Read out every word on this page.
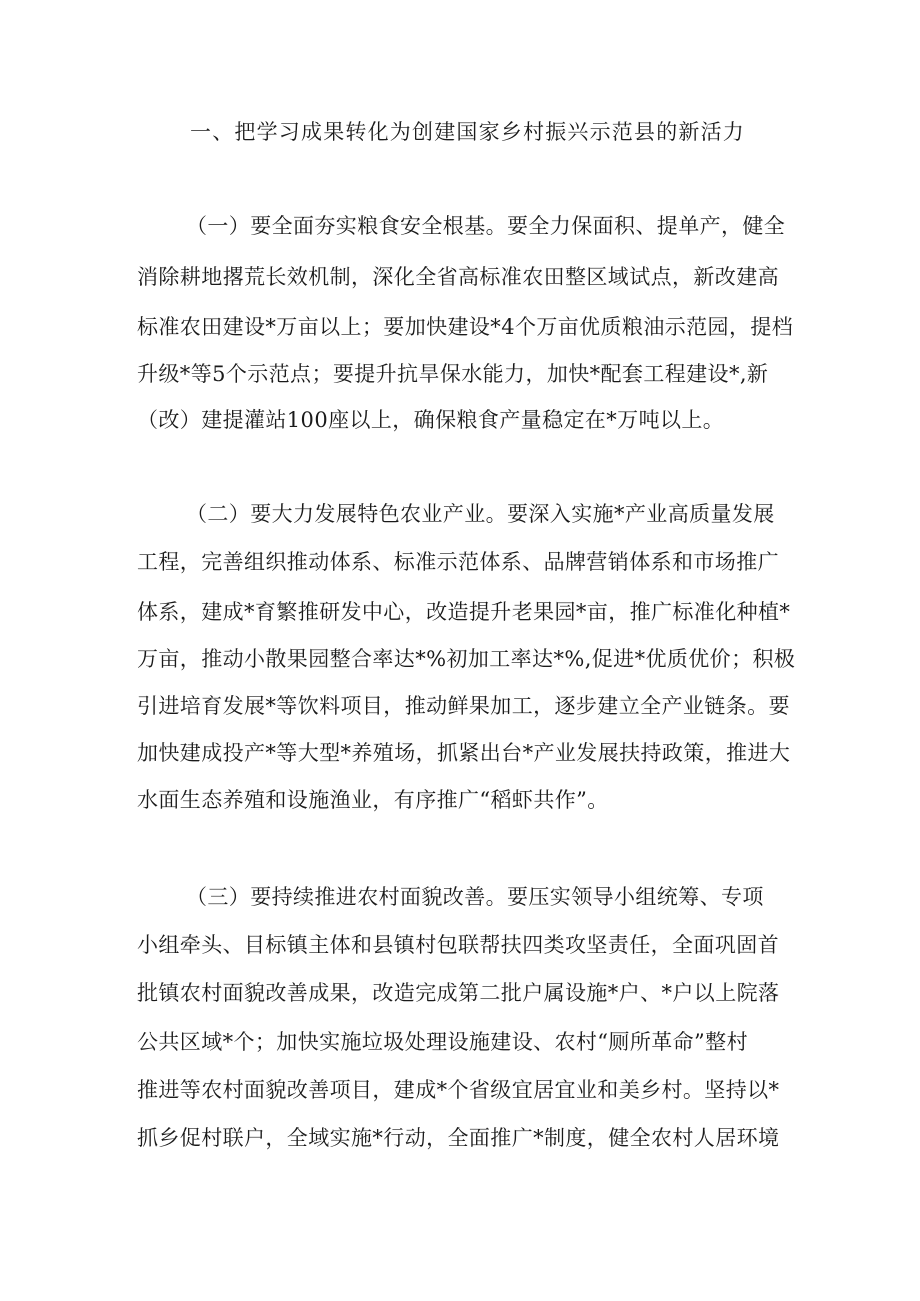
一、把学习成果转化为创建国家乡村振兴示范县的新活力
（一）要全面夯实粮食安全根基。要全力保面积、提单产，健全
消除耕地撂荒长效机制，深化全省高标准农田整区域试点，新改建高
标准农田建设*万亩以上；要加快建设*4个万亩优质粮油示范园，提档
升级*等5个示范点；要提升抗旱保水能力，加快*配套工程建设*,新
（改）建提灌站100座以上，确保粮食产量稳定在*万吨以上。
（二）要大力发展特色农业产业。要深入实施*产业高质量发展
工程，完善组织推动体系、标准示范体系、品牌营销体系和市场推广
体系，建成*育繁推研发中心，改造提升老果园*亩，推广标准化种植*
万亩，推动小散果园整合率达*%初加工率达*%,促进*优质优价；积极
引进培育发展*等饮料项目，推动鲜果加工，逐步建立全产业链条。要
加快建成投产*等大型*养殖场，抓紧出台*产业发展扶持政策，推进大
水面生态养殖和设施渔业，有序推广“稻虾共作”。
（三）要持续推进农村面貌改善。要压实领导小组统筹、专项
小组牵头、目标镇主体和县镇村包联帮扶四类攻坚责任，全面巩固首
批镇农村面貌改善成果，改造完成第二批户属设施*户、*户以上院落
公共区域*个；加快实施垃圾处理设施建设、农村“厕所革命”整村
推进等农村面貌改善项目，建成*个省级宜居宜业和美乡村。坚持以*
抓乡促村联户，全域实施*行动，全面推广*制度，健全农村人居环境
